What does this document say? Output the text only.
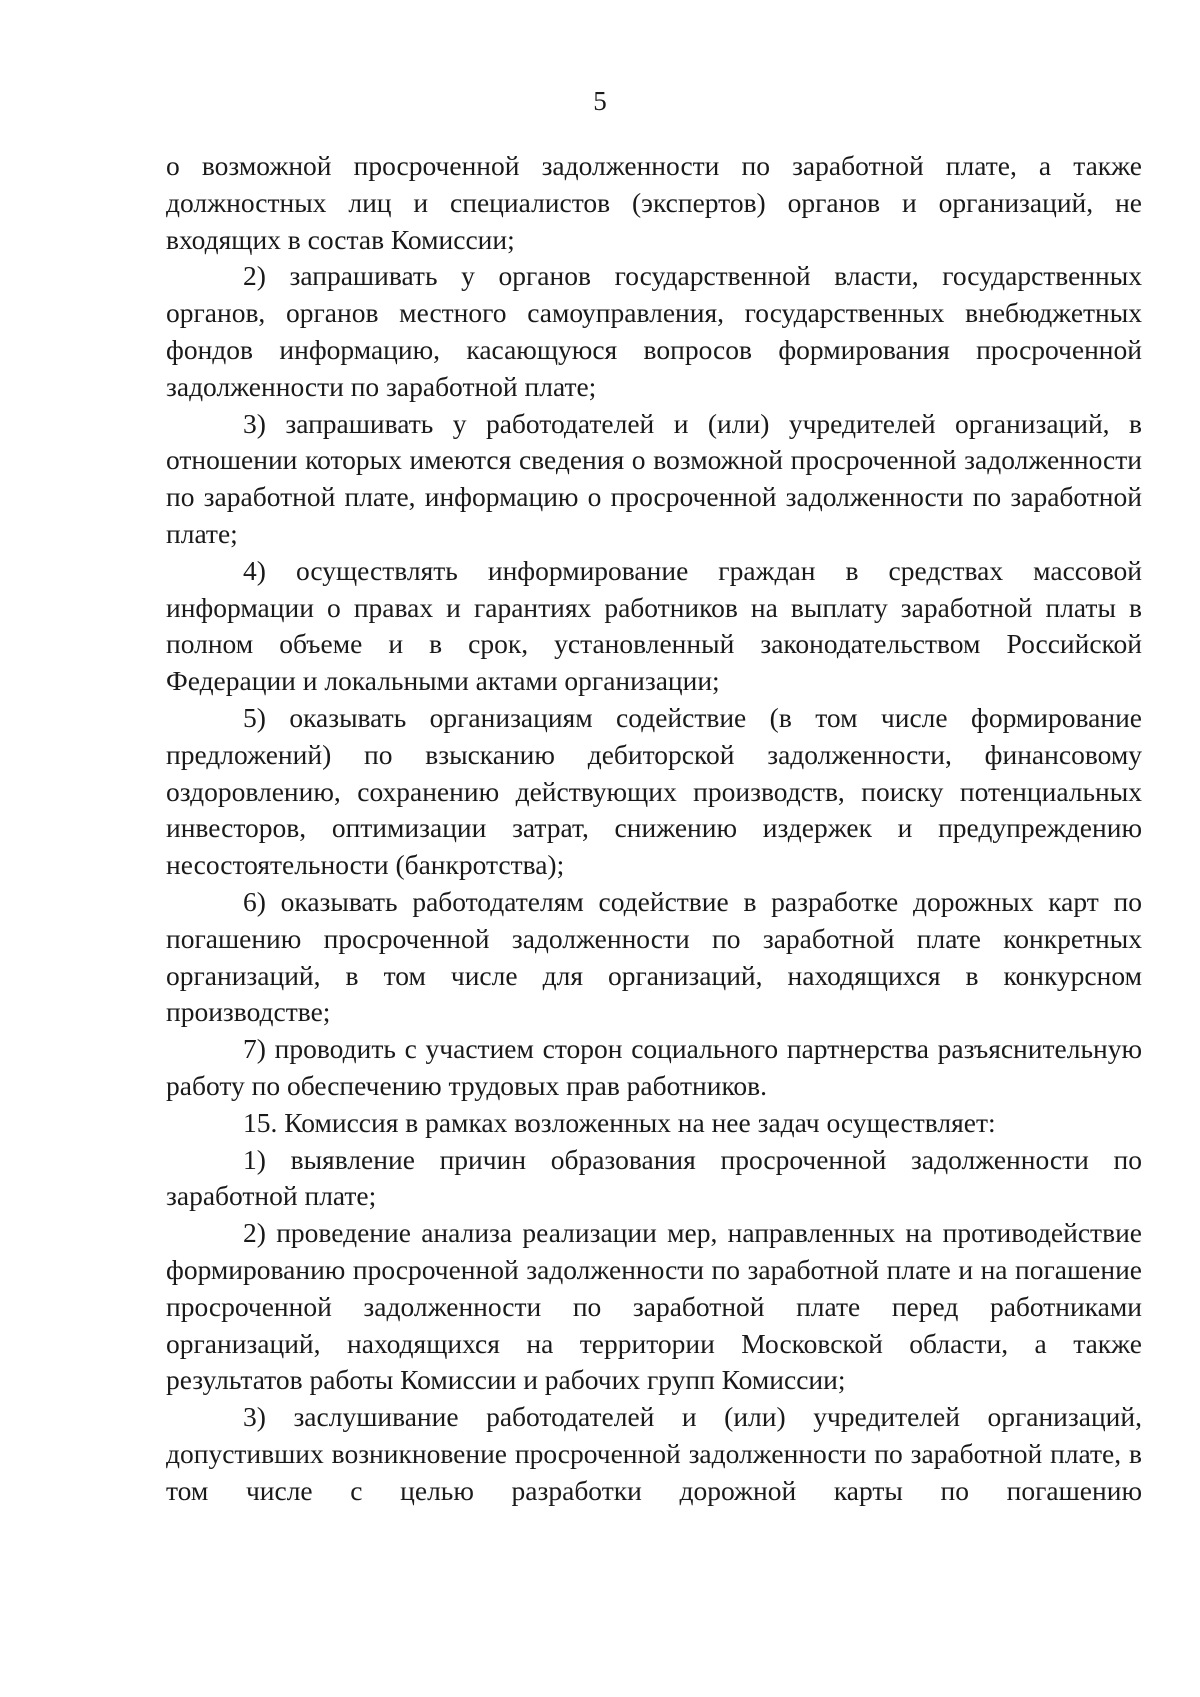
5

о возможной просроченной задолженности по заработной плате, а также должностных лиц и специалистов (экспертов) органов и организаций, не входящих в состав Комиссии;

2) запрашивать у органов государственной власти, государственных органов, органов местного самоуправления, государственных внебюджетных фондов информацию, касающуюся вопросов формирования просроченной задолженности по заработной плате;

3) запрашивать у работодателей и (или) учредителей организаций, в отношении которых имеются сведения о возможной просроченной задолженности по заработной плате, информацию о просроченной задолженности по заработной плате;

4) осуществлять информирование граждан в средствах массовой информации о правах и гарантиях работников на выплату заработной платы в полном объеме и в срок, установленный законодательством Российской Федерации и локальными актами организации;

5) оказывать организациям содействие (в том числе формирование предложений) по взысканию дебиторской задолженности, финансовому оздоровлению, сохранению действующих производств, поиску потенциальных инвесторов, оптимизации затрат, снижению издержек и предупреждению несостоятельности (банкротства);

6) оказывать работодателям содействие в разработке дорожных карт по погашению просроченной задолженности по заработной плате конкретных организаций, в том числе для организаций, находящихся в конкурсном производстве;

7) проводить с участием сторон социального партнерства разъяснительную работу по обеспечению трудовых прав работников.

15. Комиссия в рамках возложенных на нее задач осуществляет:

1) выявление причин образования просроченной задолженности по заработной плате;

2) проведение анализа реализации мер, направленных на противодействие формированию просроченной задолженности по заработной плате и на погашение просроченной задолженности по заработной плате перед работниками организаций, находящихся на территории Московской области, а также результатов работы Комиссии и рабочих групп Комиссии;

3) заслушивание работодателей и (или) учредителей организаций, допустивших возникновение просроченной задолженности по заработной плате, в том числе с целью разработки дорожной карты по погашению
